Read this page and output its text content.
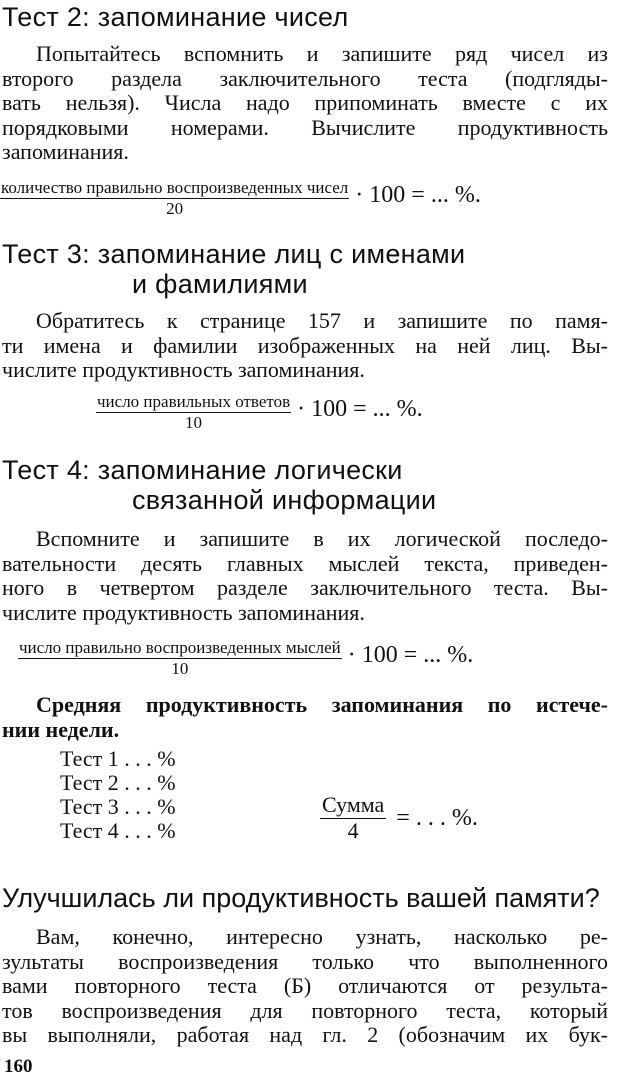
Тест 2: запоминание чисел
Попытайтесь вспомнить и запишите ряд чисел из
второго раздела заключительного теста (подгляды-
вать нельзя). Числа надо припоминать вместе с их
порядковыми номерами. Вычислите продуктивность
запоминания.
$\frac{\text{количество правильно воспроизведенных чисел}}{20} \cdot 100$ = ... %.
Тест 3: запоминание лиц с именами
и фамилиями
Обратитесь к странице 157 и запишите по памя-
ти имена и фамилии изображенных на ней лиц. Вы-
числите продуктивность запоминания.
$\frac{\text{число правильных ответов}}{10} \cdot 100$ = ... %.
Тест 4: запоминание логически
связанной информации
Вспомните и запишите в их логической последо-
вательности десять главных мыслей текста, приведен-
ного в четвертом разделе заключительного теста. Вы-
числите продуктивность запоминания.
$\frac{\text{число правильно воспроизведенных мыслей}}{10} \cdot 100$ = ... %.
Средняя продуктивность запоминания по истече-
нии недели.
Тест 1 . . . %
Тест 2 . . . %
Тест 3 . . . %
Тест 4 . . . %	$\frac{\text{Сумма}}{4}$ = . . . %.
Улучшилась ли продуктивность вашей памяти?
Вам, конечно, интересно узнать, насколько ре-
зультаты воспроизведения только что выполненного
вами повторного теста (Б) отличаются от результа-
тов воспроизведения для повторного теста, который
вы выполняли, работая над гл. 2 (обозначим их бук-
160
